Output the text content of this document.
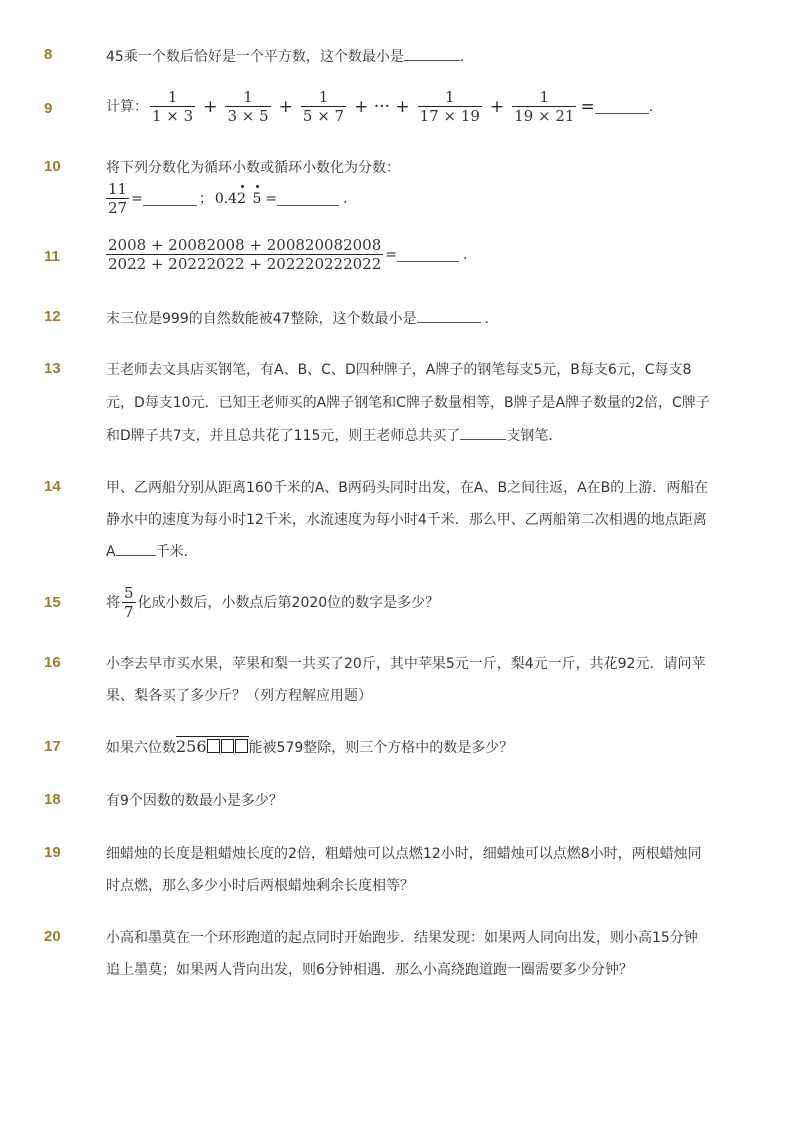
8	45乘一个数后恰好是一个平方数，这个数最小是	．
9	计算： $\frac{1}{1 \times 3} + \frac{1}{3 \times 5} + \frac{1}{5 \times 7}$ + ··· + $\frac{1}{17 \times 19} + \frac{1}{19 \times 21}$ =	．
10	将下列分数化为循环小数或循环小数化为分数：
$\frac{11}{27}$ =	； 0.42 5 =	．
11	$\frac{2008 + 20082008 + 200820082008}{2022 + 20222022 + 202220222022}$ =	．
12	末三位是999的自然数能被47整除，这个数最小是	．
13	王老师去文具店买钢笔，有A、B、C、D四种牌子，A牌子的钢笔每支5元，B每支6元，C每支8
元，D每支10元．已知王老师买的A牌子钢笔和C牌子数量相等，B牌子是A牌子数量的2倍，C牌子
和D牌子共7支，并且总共花了115元，则王老师总共买了	支钢笔．
14	甲、乙两船分别从距离160千米的A、B两码头同时出发，在A、B之间往返，A在B的上游．两船在
静水中的速度为每小时12千米，水流速度为每小时4千米．那么甲、乙两船第二次相遇的地点距离
A	千米．
15	将 $\frac{5}{7}$ 化成小数后，小数点后第2020位的数字是多少？
16	小李去早市买水果，苹果和梨一共买了20斤，其中苹果5元一斤，梨4元一斤，共花92元．请问苹
果、梨各买了多少斤？（列方程解应用题）
17	如果六位数256	能被579整除，则三个方格中的数是多少？
18	有9个因数的数最小是多少？
19	细蜡烛的长度是粗蜡烛长度的2倍，粗蜡烛可以点燃12小时，细蜡烛可以点燃8小时，两根蜡烛同
时点燃，那么多少小时后两根蜡烛剩余长度相等？
20	小高和墨莫在一个环形跑道的起点同时开始跑步．结果发现：如果两人同向出发，则小高15分钟
追上墨莫；如果两人背向出发，则6分钟相遇．那么小高绕跑道跑一圈需要多少分钟？
